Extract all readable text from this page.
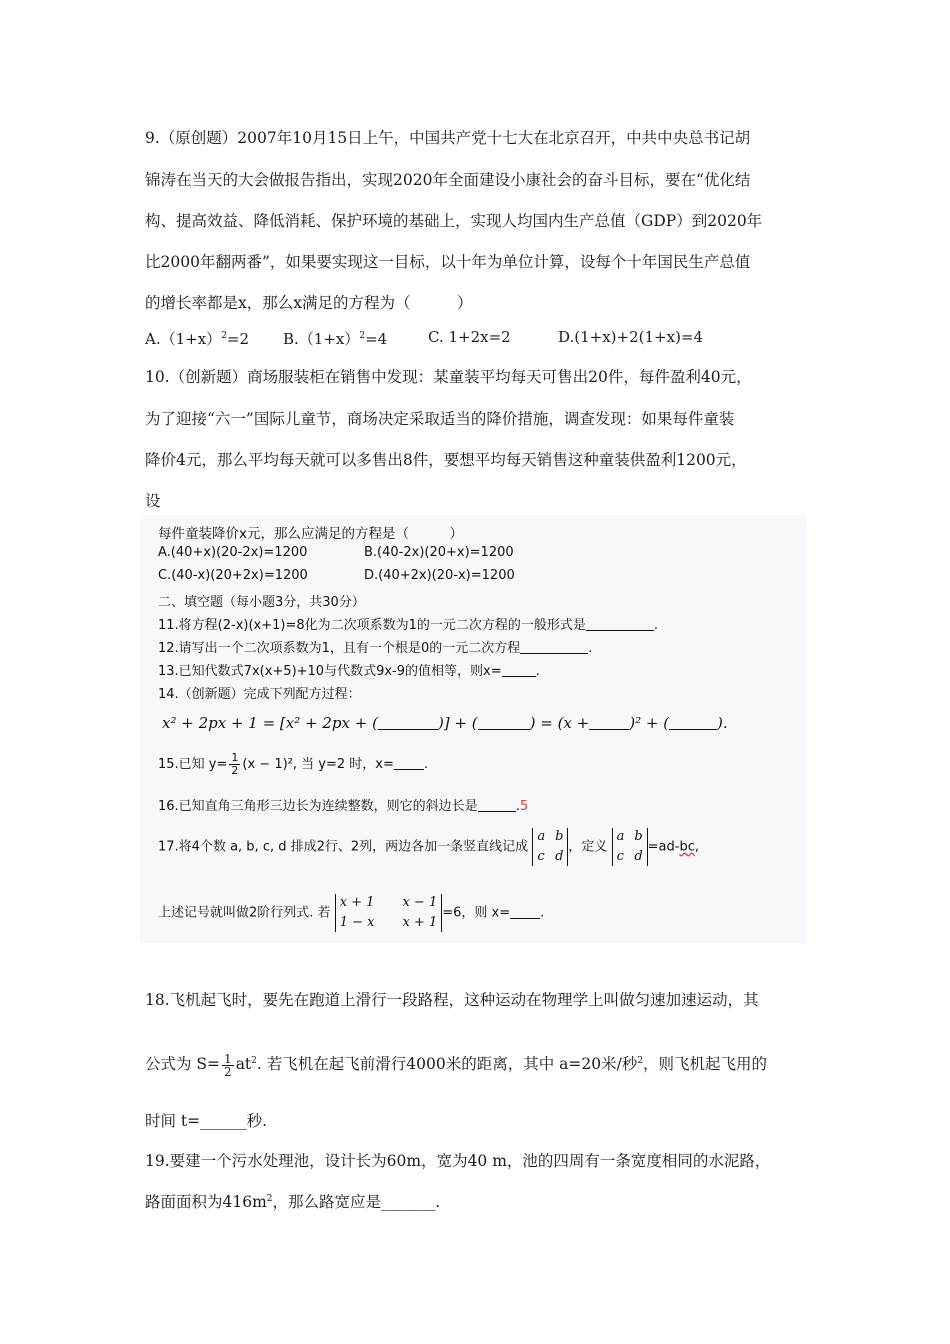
9.（原创题）2007年10月15日上午，中国共产党十七大在北京召开，中共中央总书记胡
锦涛在当天的大会做报告指出，实现2020年全面建设小康社会的奋斗目标，要在“优化结
构、提高效益、降低消耗、保护环境的基础上，实现人均国内生产总值（GDP）到2020年
比2000年翻两番”，如果要实现这一目标，以十年为单位计算，设每个十年国民生产总值
的增长率都是x，那么x满足的方程为（　　　）
$A.(1+x)^2=2$ $B.(1+x)^2=4$	C. 1+2x=2	D.(1+x)+2(1+x)=4
10.（创新题）商场服装柜在销售中发现：某童装平均每天可售出20件，每件盈利40元，
为了迎接“六一”国际儿童节，商场决定采取适当的降价措施，调查发现：如果每件童装
降价4元，那么平均每天就可以多售出8件，要想平均每天销售这种童装供盈利1200元，
设
每件童装降价x元，那么应满足的方程是（　　　）
A.(40+x)(20-2x)=1200	B.(40-2x)(20+x)=1200
C.(40-x)(20+2x)=1200	D.(40+2x)(20-x)=1200
二、填空题（每小题3分，共30分）
11.将方程(2-x)(x+1)=8化为二次项系数为1的一元二次方程的一般形式是	.
12.请写出一个二次项系数为1，且有一个根是0的一元二次方程	.
13.已知代数式7x(x+5)+10与代数式9x-9的值相等，则x=	.
14.（创新题）完成下列配方过程：
x² + 2px + 1 = [x² + 2px + (	)] + (	) = (x +	)² + (	).
15.已知 $y= \frac{1}{2} (x - 1)^2$, 当 y=2 时，x= .
16.已知直角三角形三边长为连续整数，则它的斜边长是	.5
17.将4个数 a, b, c, d 排成2行、2列，两边各加一条竖直线记成
a b
c d
，定义
a b
c d
=ad-bc,
上述记号就叫做2阶行列式. 若
x + 1 x − 1
1 − x x + 1
=6，则 x= .
18.飞机起飞时，要先在跑道上滑行一段路程，这种运动在物理学上叫做匀速加速运动，其
公式为 $S= \frac{1}{2} at^2$. 若飞机在起飞前滑行4000米的距离，其中 a=20米/秒$^2$，则飞机起飞用的
时间 t=______秒.
19.要建一个污水处理池，设计长为60m，宽为40 m，池的四周有一条宽度相同的水泥路，
路面面积为$416m^2$，那么路宽应是_______.
